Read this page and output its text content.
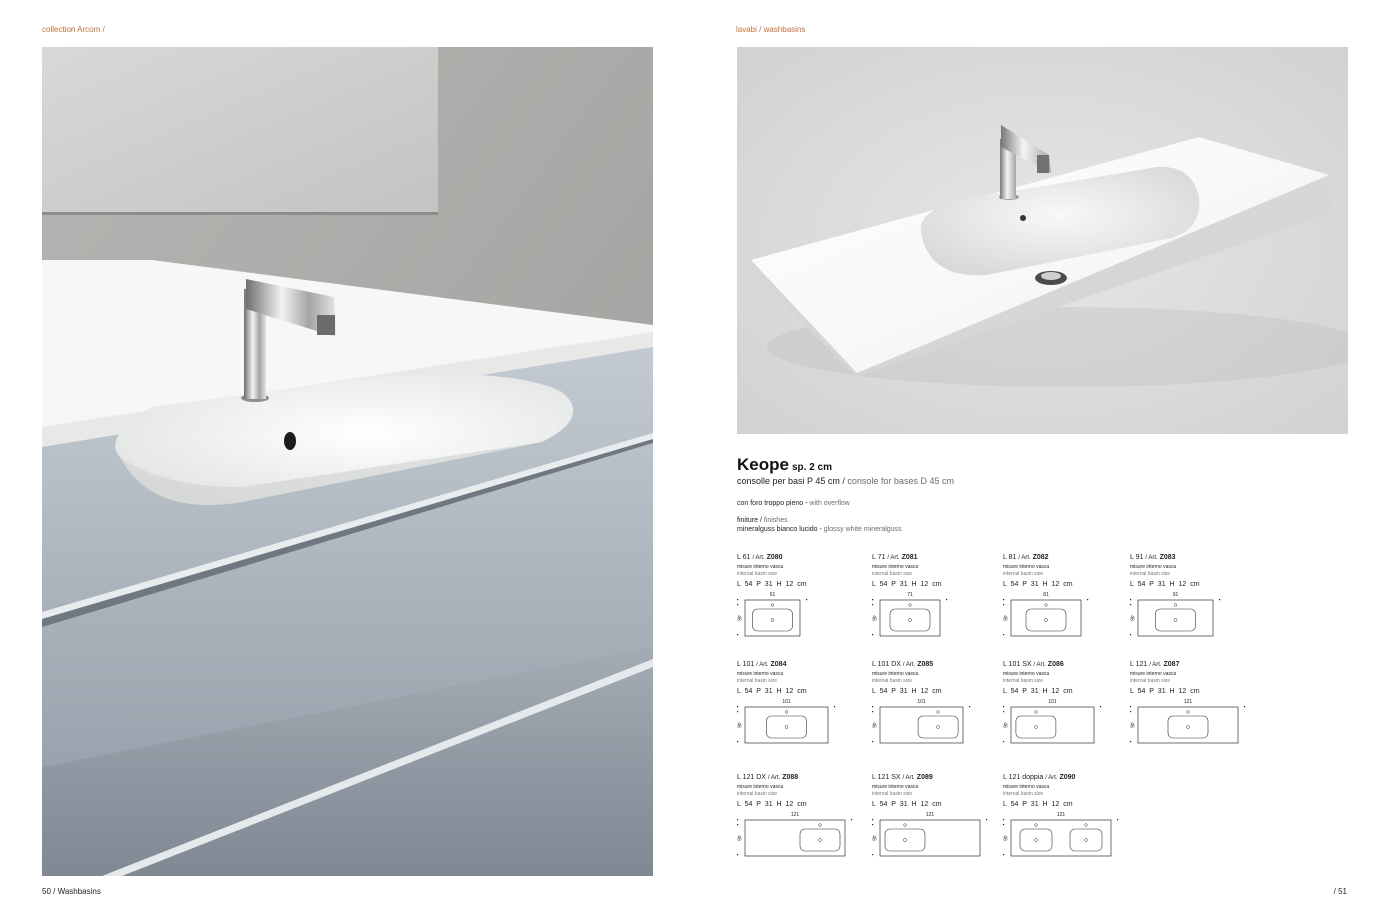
collection Arcom /	lavabi / washbasins
Keope sp. 2 cm
consolle per basi P 45 cm / console for bases D 45 cm
con foro troppo pieno - with overflow
finiture / finishes
mineralguss bianco lucido - glossy white mineralguss
L 61 / Art. Z080
misure interno vasca
internal basin size
L 54 P 31 H 12 cm
L 71 / Art. Z081
misure interno vasca
internal basin size
L 54 P 31 H 12 cm
L 81 / Art. Z082
misure interno vasca
internal basin size
L 54 P 31 H 12 cm
L 91 / Art. Z083
misure interno vasca
internal basin size
L 54 P 31 H 12 cm
L 101 / Art. Z084
misure interno vasca
internal basin size
L 54 P 31 H 12 cm
L 101 DX / Art. Z085
misure interno vasca
internal basin size
L 54 P 31 H 12 cm
L 101 SX / Art. Z086
misure interno vasca
internal basin size
L 54 P 31 H 12 cm
L 121 / Art. Z087
misure interno vasca
internal basin size
L 54 P 31 H 12 cm
L 121 DX / Art. Z088
misure interno vasca
internal basin size
L 54 P 31 H 12 cm
L 121 SX / Art. Z089
misure interno vasca
internal basin size
L 54 P 31 H 12 cm
L 121 doppia / Art. Z090
misure interno vasca
internal basin size
L 54 P 31 H 12 cm
50 / Washbasins	/ 51
61
46
71
46
81
46
91
46
101
46
101
46
101
46
121
46
121
46
121
46
121
46
